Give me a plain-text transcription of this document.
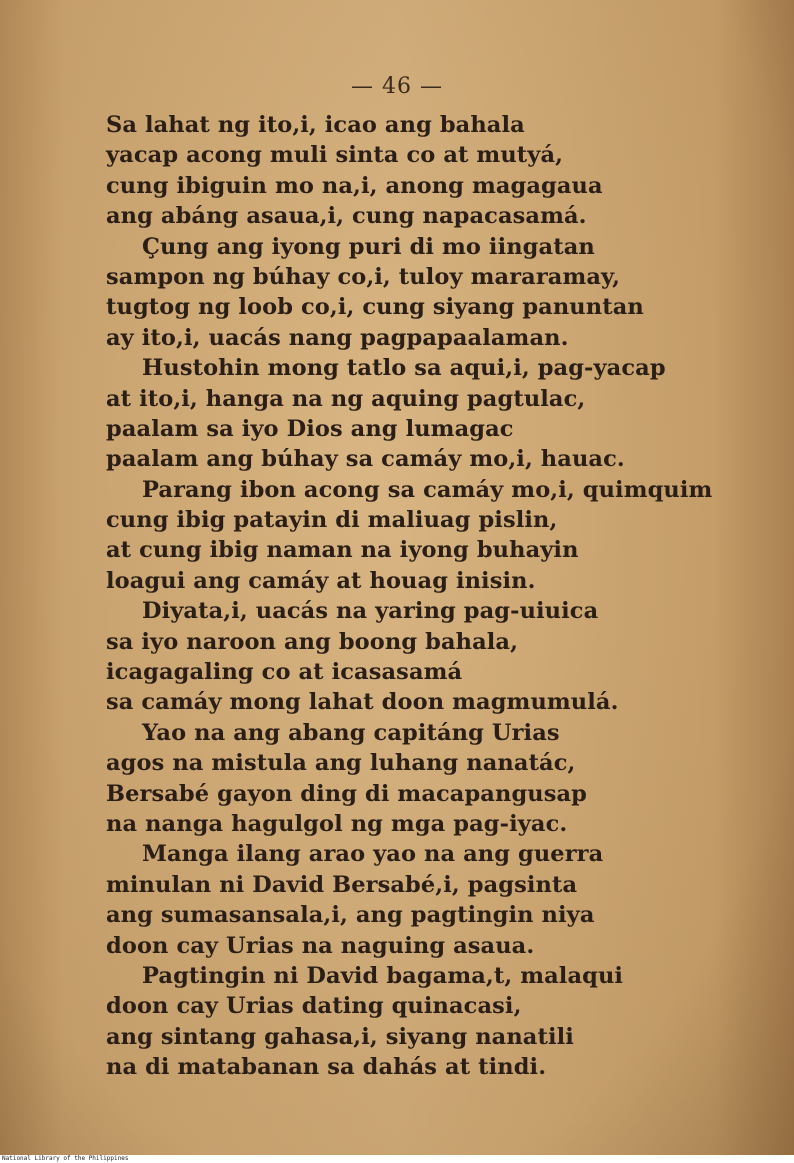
— 46 —
Sa lahat ng ito,i, icao ang bahala
yacap acong muli sinta co at mutyá,
cung ibiguin mo na,i, anong magagaua
ang abáng asaua,i, cung napacasamá.
Çung ang iyong puri di mo iingatan
sampon ng búhay co,i, tuloy mararamay,
tugtog ng loob co,i, cung siyang panuntan
ay ito,i, uacás nang pagpapaalaman.
Hustohin mong tatlo sa aqui,i, pag-yacap
at ito,i, hanga na ng aquing pagtulac,
paalam sa iyo Dios ang lumagac
paalam ang búhay sa camáy mo,i, hauac.
Parang ibon acong sa camáy mo,i, quimquim
cung ibig patayin di maliuag pislin,
at cung ibig naman na iyong buhayin
loagui ang camáy at houag inisin.
Diyata,i, uacás na yaring pag-uiuica
sa iyo naroon ang boong bahala,
icagagaling co at icasasamá
sa camáy mong lahat doon magmumulá.
Yao na ang abang capitáng Urias
agos na mistula ang luhang nanatác,
Bersabé gayon ding di macapangusap
na nanga hagulgol ng mga pag-iyac.
Manga ilang arao yao na ang guerra
minulan ni David Bersabé,i, pagsinta
ang sumasansala,i, ang pagtingin niya
doon cay Urias na naguing asaua.
Pagtingin ni David bagama,t, malaqui
doon cay Urias dating quinacasi,
ang sintang gahasa,i, siyang nanatili
na di matabanan sa dahás at tindi.
National Library of the Philippines
